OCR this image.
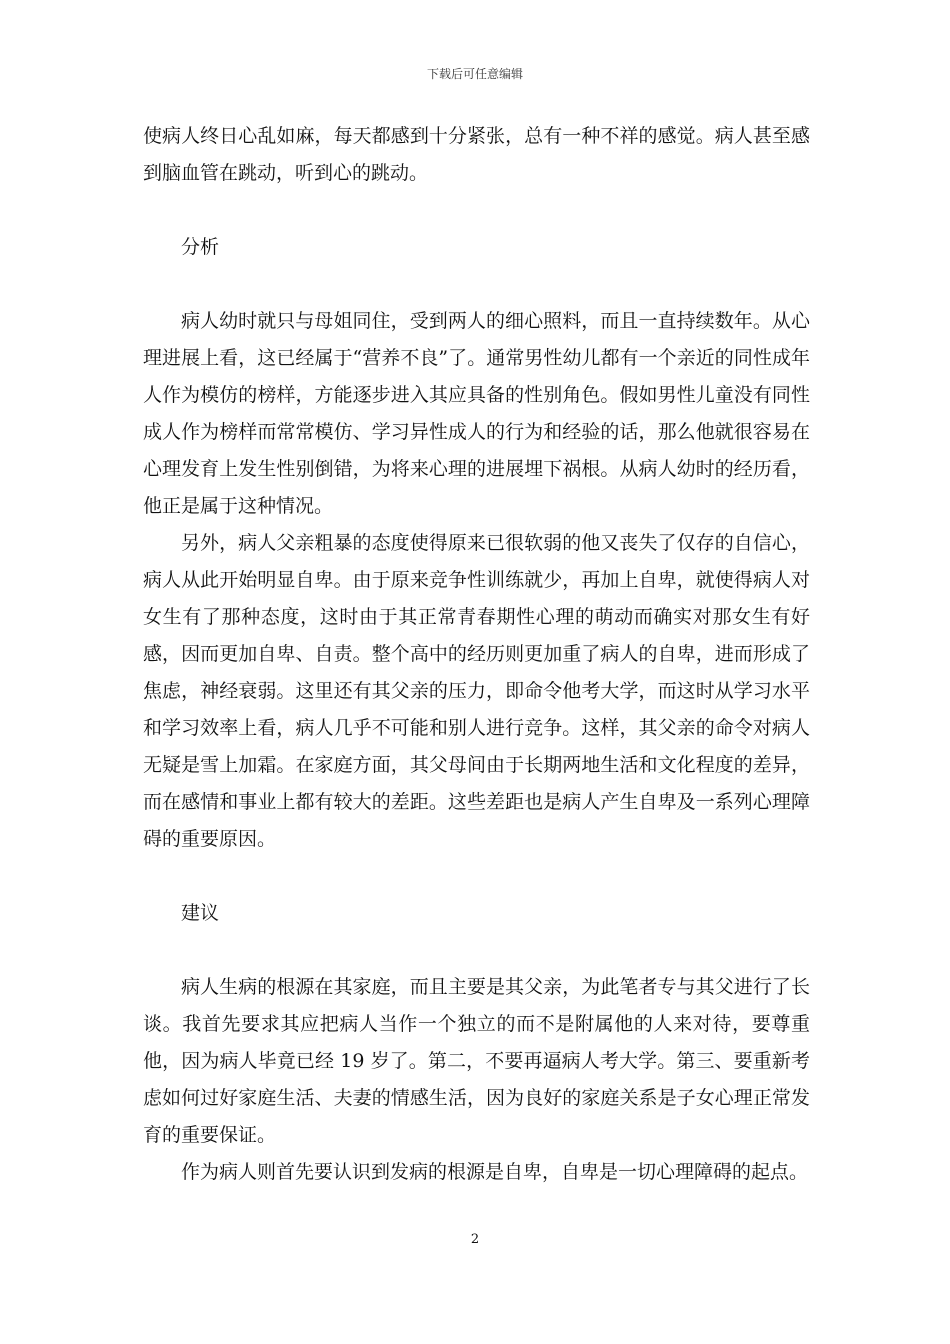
下载后可任意编辑

使病人终日心乱如麻，每天都感到十分紧张，总有一种不祥的感觉。病人甚至感到脑血管在跳动，听到心的跳动。

分析

病人幼时就只与母姐同住，受到两人的细心照料，而且一直持续数年。从心理进展上看，这已经属于“营养不良”了。通常男性幼儿都有一个亲近的同性成年人作为模仿的榜样，方能逐步进入其应具备的性别角色。假如男性儿童没有同性成人作为榜样而常常模仿、学习异性成人的行为和经验的话，那么他就很容易在心理发育上发生性别倒错，为将来心理的进展埋下祸根。从病人幼时的经历看，他正是属于这种情况。

另外，病人父亲粗暴的态度使得原来已很软弱的他又丧失了仅存的自信心，病人从此开始明显自卑。由于原来竞争性训练就少，再加上自卑，就使得病人对女生有了那种态度，这时由于其正常青春期性心理的萌动而确实对那女生有好感，因而更加自卑、自责。整个高中的经历则更加重了病人的自卑，进而形成了焦虑，神经衰弱。这里还有其父亲的压力，即命令他考大学，而这时从学习水平和学习效率上看，病人几乎不可能和别人进行竞争。这样，其父亲的命令对病人无疑是雪上加霜。在家庭方面，其父母间由于长期两地生活和文化程度的差异，而在感情和事业上都有较大的差距。这些差距也是病人产生自卑及一系列心理障碍的重要原因。

建议

病人生病的根源在其家庭，而且主要是其父亲，为此笔者专与其父进行了长谈。我首先要求其应把病人当作一个独立的而不是附属他的人来对待，要尊重他，因为病人毕竟已经 19 岁了。第二，不要再逼病人考大学。第三、要重新考虑如何过好家庭生活、夫妻的情感生活，因为良好的家庭关系是子女心理正常发育的重要保证。

作为病人则首先要认识到发病的根源是自卑，自卑是一切心理障碍的起点。

2
